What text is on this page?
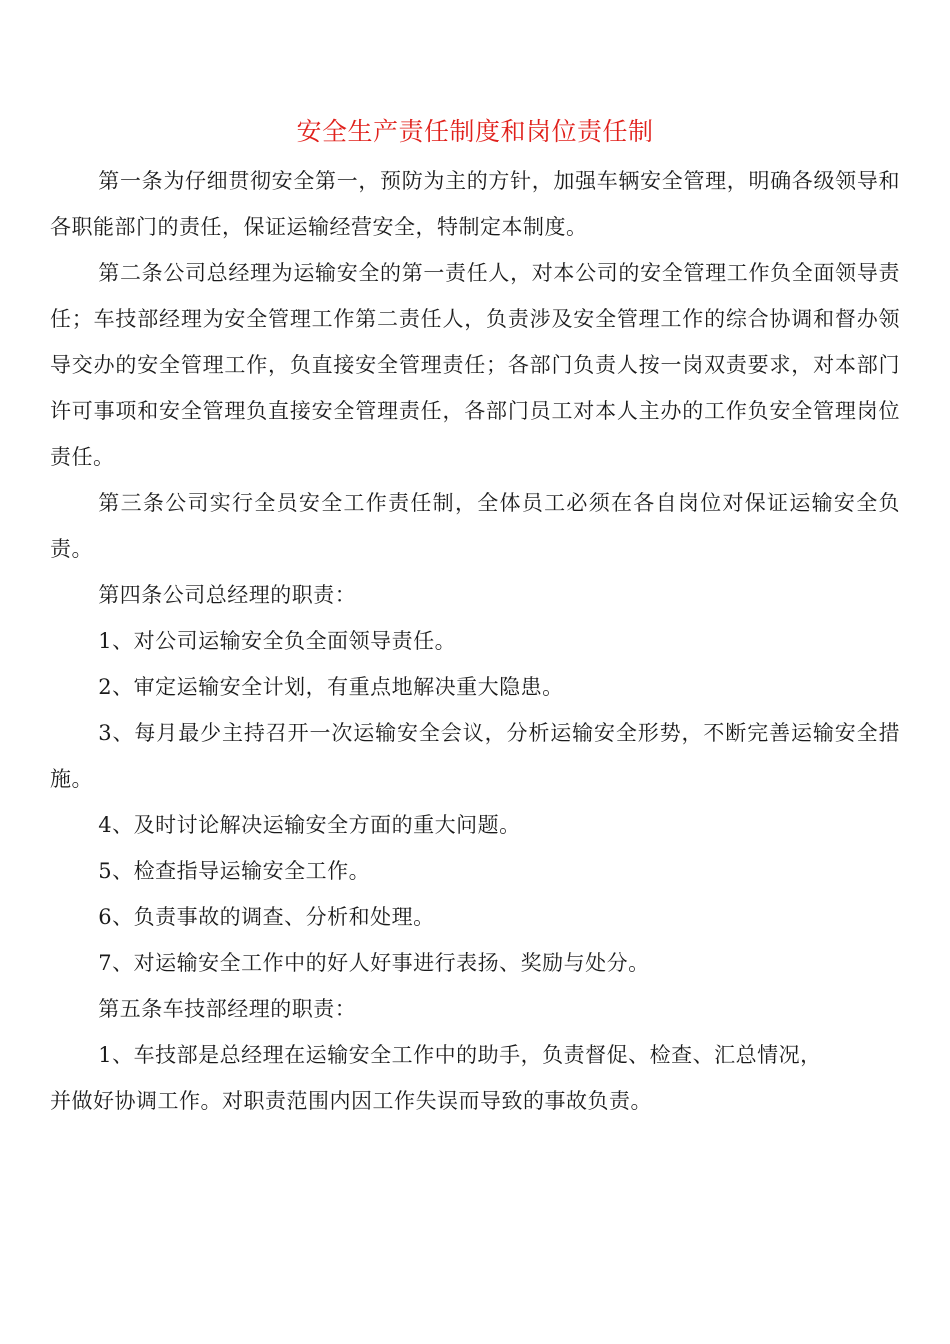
安全生产责任制度和岗位责任制

第一条为仔细贯彻安全第一，预防为主的方针，加强车辆安全管理，明确各级领导和各职能部门的责任，保证运输经营安全，特制定本制度。

第二条公司总经理为运输安全的第一责任人，对本公司的安全管理工作负全面领导责任；车技部经理为安全管理工作第二责任人，负责涉及安全管理工作的综合协调和督办领导交办的安全管理工作，负直接安全管理责任；各部门负责人按一岗双责要求，对本部门许可事项和安全管理负直接安全管理责任，各部门员工对本人主办的工作负安全管理岗位责任。

第三条公司实行全员安全工作责任制，全体员工必须在各自岗位对保证运输安全负责。

第四条公司总经理的职责：

1、对公司运输安全负全面领导责任。

2、审定运输安全计划，有重点地解决重大隐患。

3、每月最少主持召开一次运输安全会议，分析运输安全形势，不断完善运输安全措施。

4、及时讨论解决运输安全方面的重大问题。

5、检查指导运输安全工作。

6、负责事故的调查、分析和处理。

7、对运输安全工作中的好人好事进行表扬、奖励与处分。

第五条车技部经理的职责：

1、车技部是总经理在运输安全工作中的助手，负责督促、检查、汇总情况，
并做好协调工作。对职责范围内因工作失误而导致的事故负责。
